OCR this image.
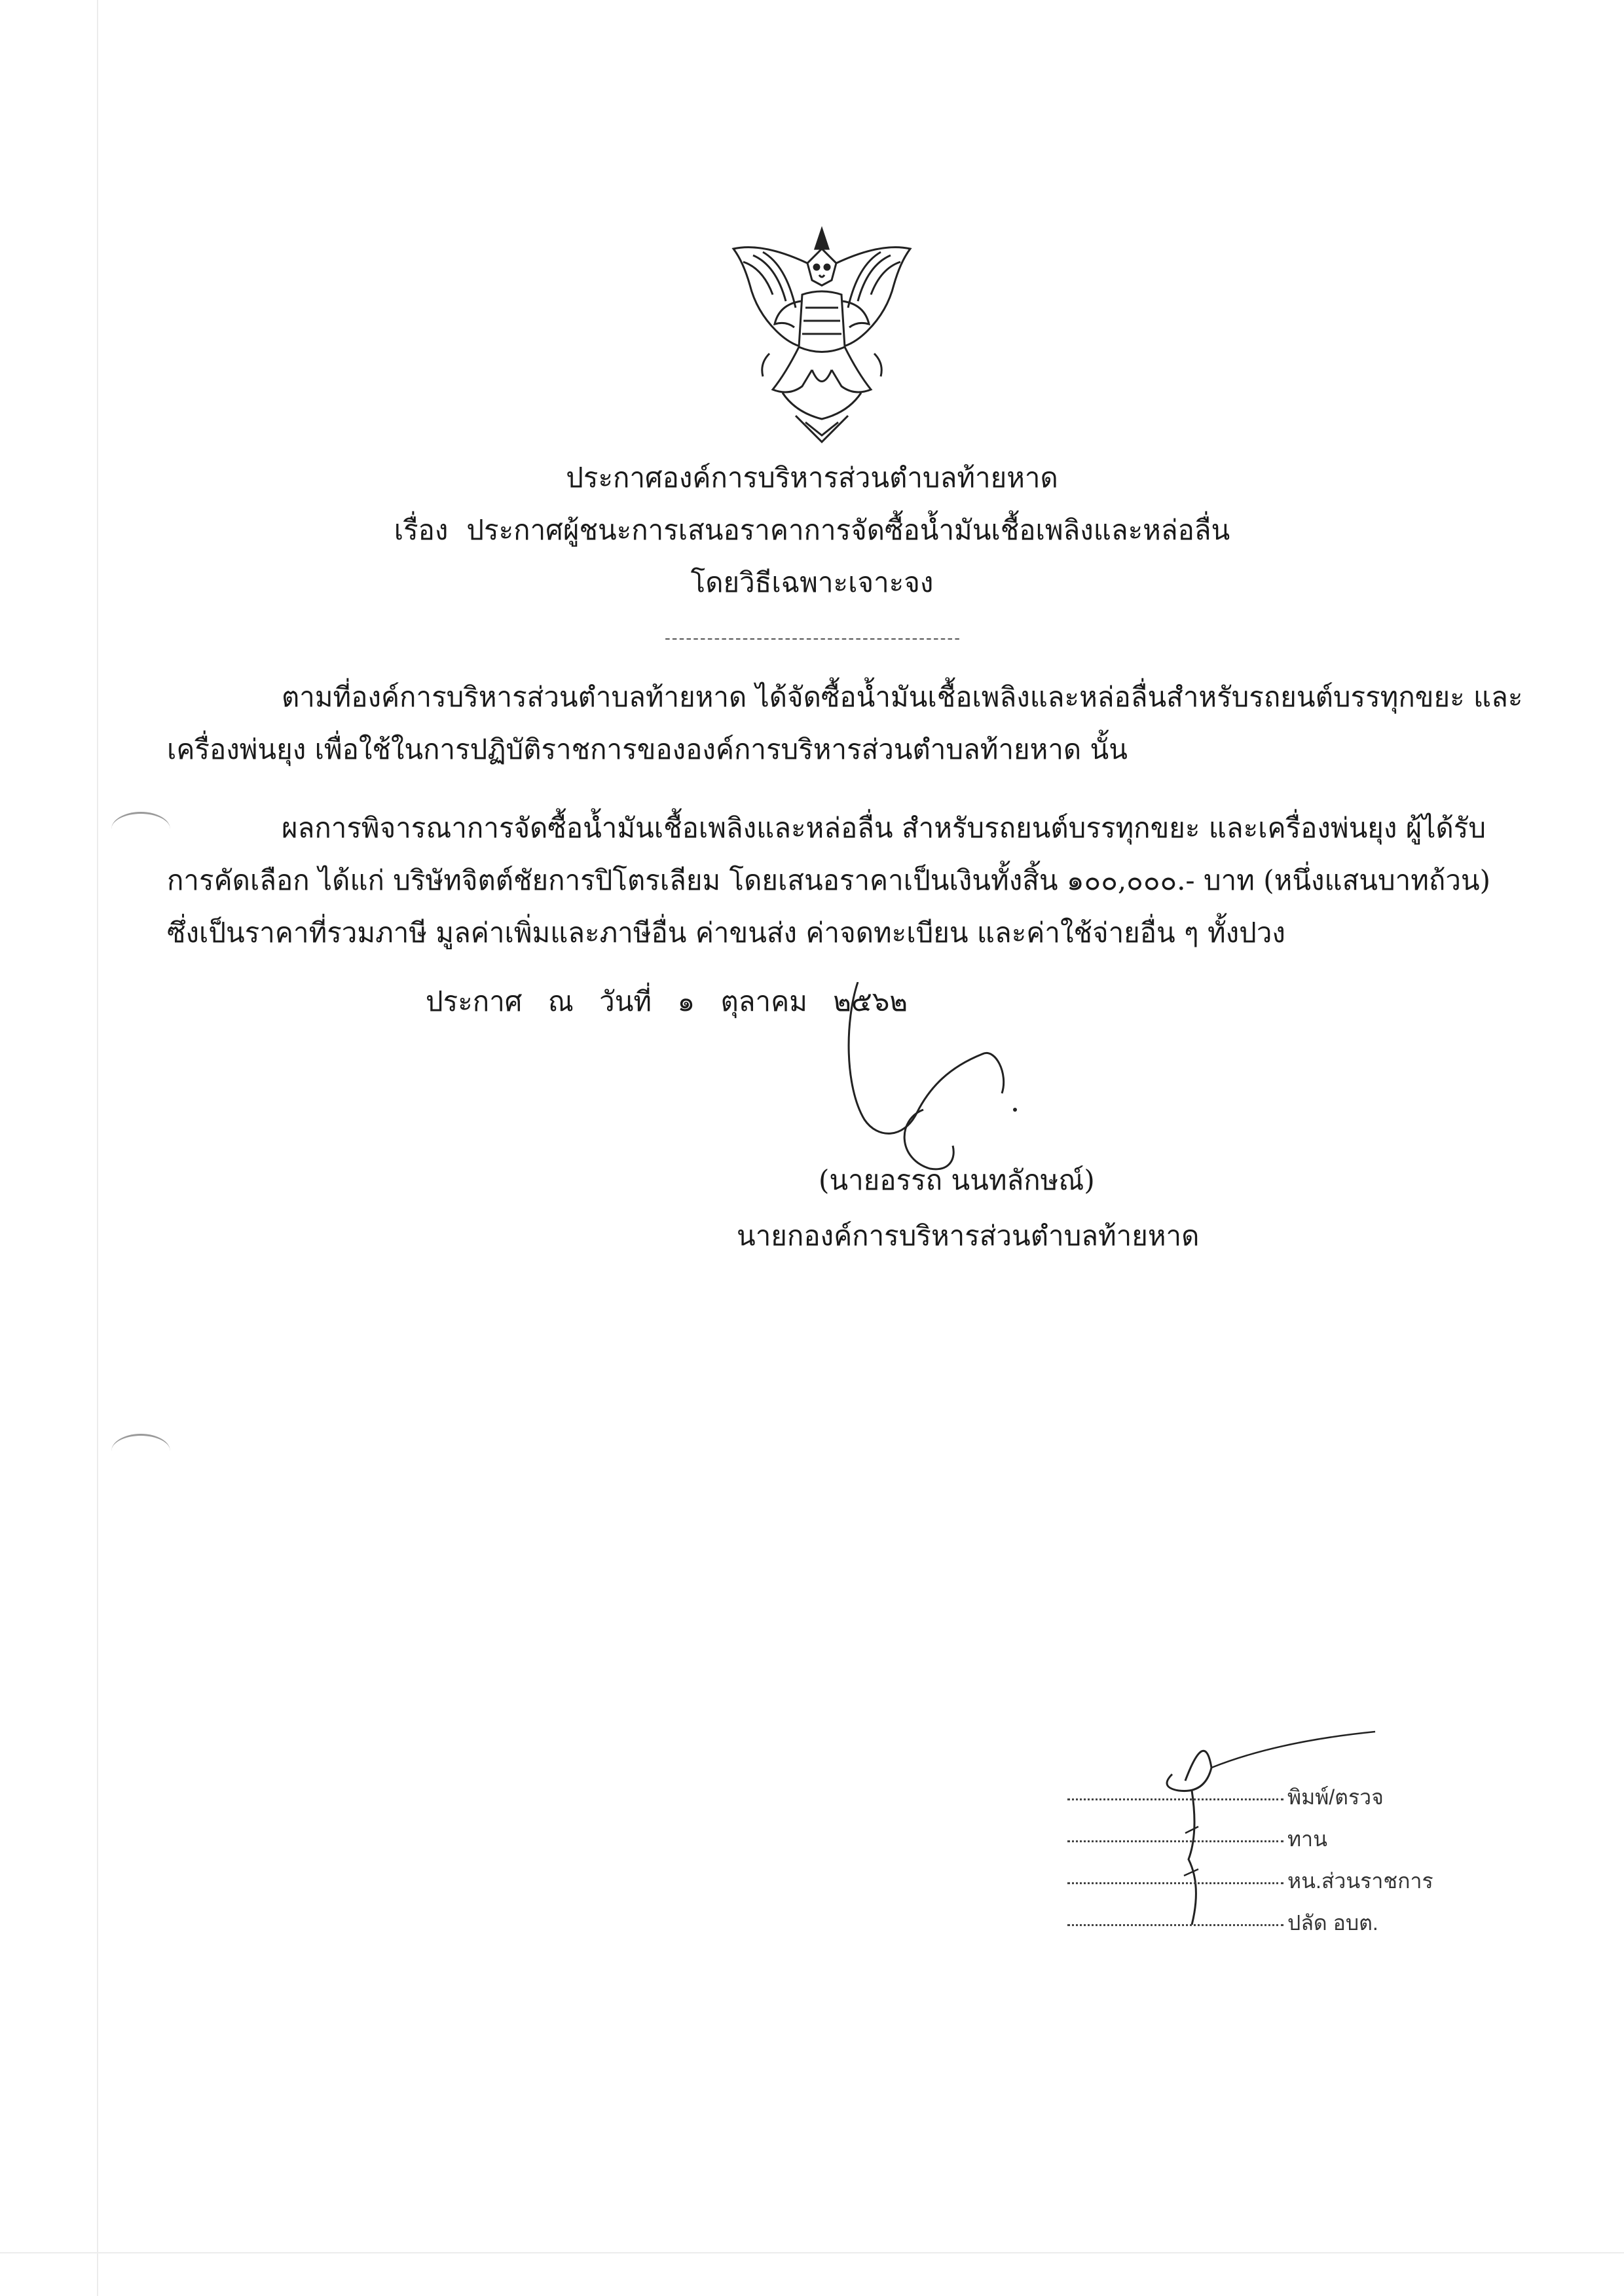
ประกาศองค์การบริหารส่วนตำบลท้ายหาด
เรื่อง ประกาศผู้ชนะการเสนอราคาการจัดซื้อน้ำมันเชื้อเพลิงและหล่อลื่น
โดยวิธีเฉพาะเจาะจง
------------------------------------------
ตามที่องค์การบริหารส่วนตำบลท้ายหาด ได้จัดซื้อน้ำมันเชื้อเพลิงและหล่อลื่นสำหรับรถยนต์บรรทุกขยะ และ
เครื่องพ่นยุง เพื่อใช้ในการปฏิบัติราชการขององค์การบริหารส่วนตำบลท้ายหาด นั้น
ผลการพิจารณาการจัดซื้อน้ำมันเชื้อเพลิงและหล่อลื่น สำหรับรถยนต์บรรทุกขยะ และเครื่องพ่นยุง ผู้ได้รับ
การคัดเลือก ได้แก่ บริษัทจิตต์ชัยการปิโตรเลียม โดยเสนอราคาเป็นเงินทั้งสิ้น ๑๐๐,๐๐๐.- บาท (หนึ่งแสนบาทถ้วน)
ซึ่งเป็นราคาที่รวมภาษี มูลค่าเพิ่มและภาษีอื่น ค่าขนส่ง ค่าจดทะเบียน และค่าใช้จ่ายอื่น ๆ ทั้งปวง
ประกาศ ณ วันที่ ๑ ตุลาคม ๒๕๖๒
(นายอรรถ นนทลักษณ์)
นายกองค์การบริหารส่วนตำบลท้ายหาด
พิมพ์/ตรวจ
ทาน
หน.ส่วนราชการ
ปลัด อบต.
